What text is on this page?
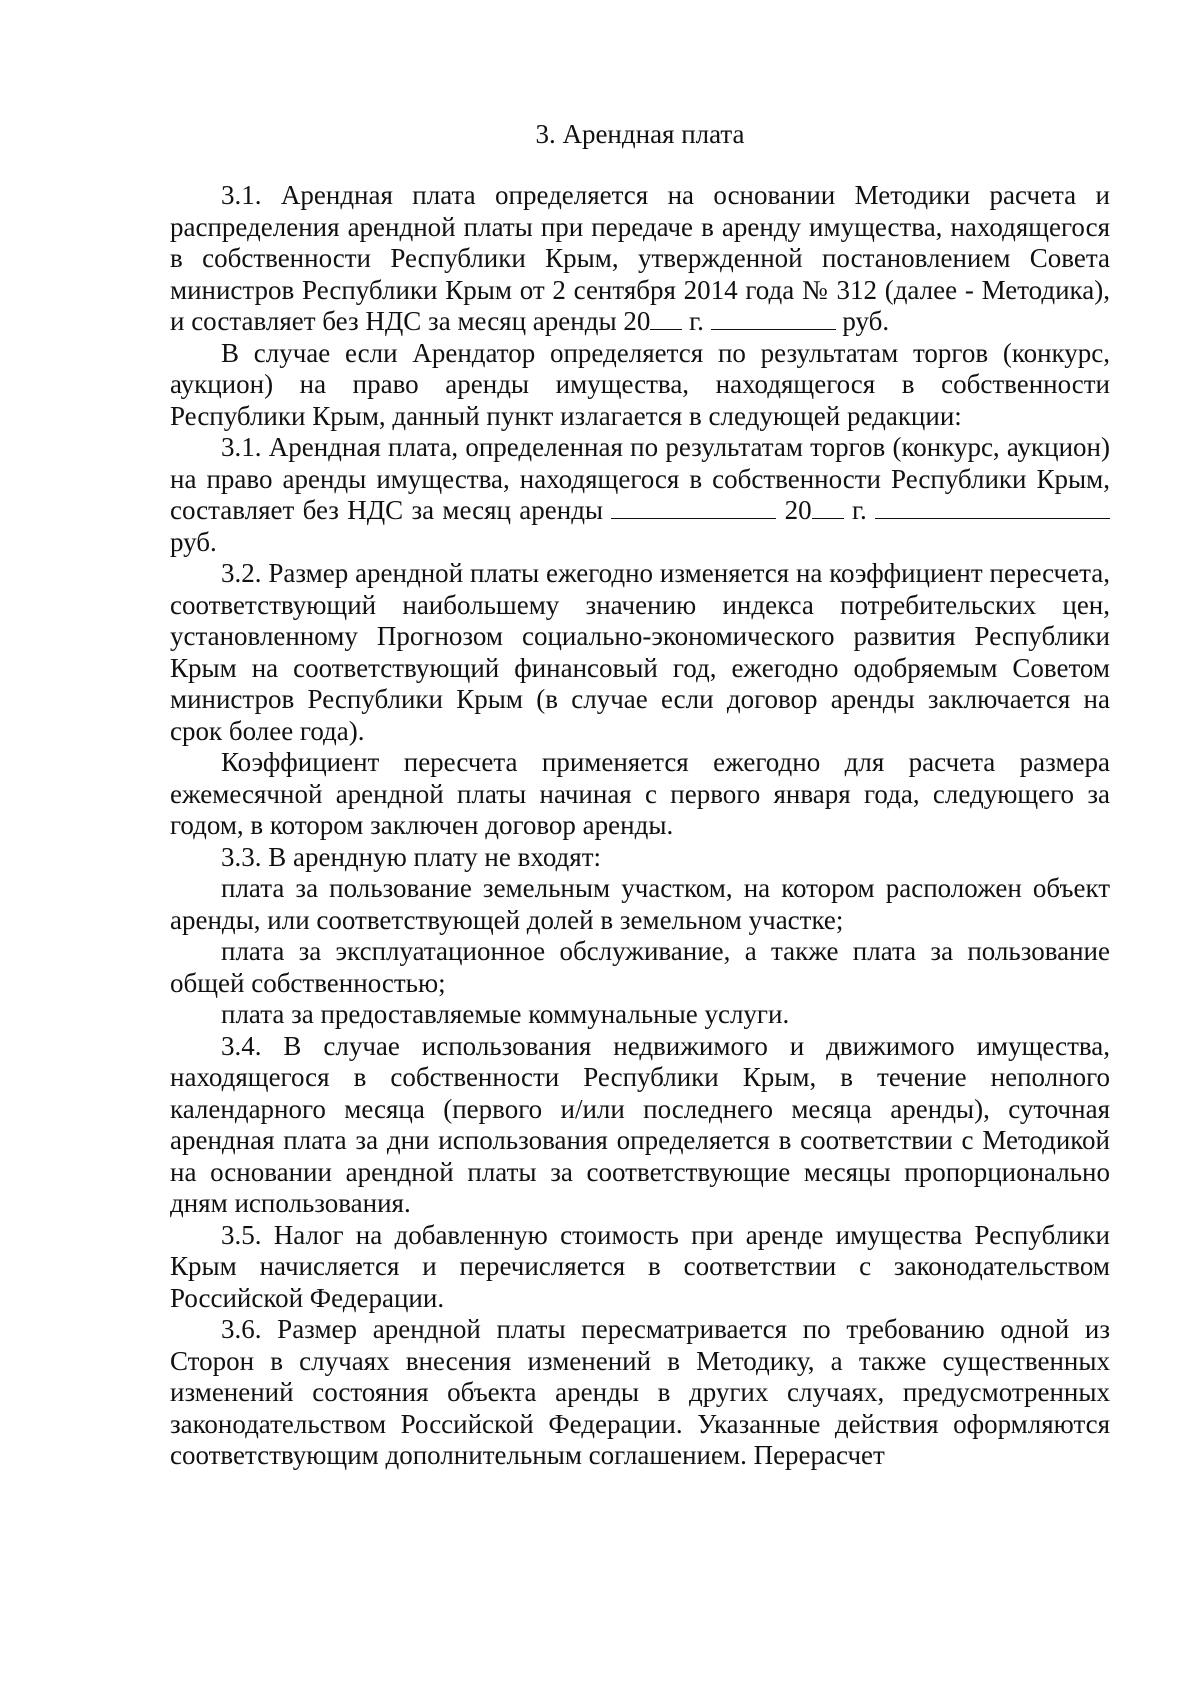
3. Арендная плата

3.1. Арендная плата определяется на основании Методики расчета и распределения арендной платы при передаче в аренду имущества, находящегося в собственности Республики Крым, утвержденной постановлением Совета министров Республики Крым от 2 сентября 2014 года № 312 (далее - Методика), и составляет без НДС за месяц аренды 20 г.	руб.

В случае если Арендатор определяется по результатам торгов (конкурс, аукцион) на право аренды имущества, находящегося в собственности Республики Крым, данный пункт излагается в следующей редакции:

3.1. Арендная плата, определенная по результатам торгов (конкурс, аукцион) на право аренды имущества, находящегося в собственности Республики Крым, составляет без НДС за месяц аренды	20 г.  руб.

3.2. Размер арендной платы ежегодно изменяется на коэффициент пересчета, соответствующий наибольшему значению индекса потребительских цен, установленному Прогнозом социально-экономического развития Республики Крым на соответствующий финансовый год, ежегодно одобряемым Советом министров Республики Крым (в случае если договор аренды заключается на срок более года).

Коэффициент пересчета применяется ежегодно для расчета размера ежемесячной арендной платы начиная с первого января года, следующего за годом, в котором заключен договор аренды.

3.3. В арендную плату не входят:

плата за пользование земельным участком, на котором расположен объект аренды, или соответствующей долей в земельном участке;

плата за эксплуатационное обслуживание, а также плата за пользование общей собственностью;

плата за предоставляемые коммунальные услуги.

3.4. В случае использования недвижимого и движимого имущества, находящегося в собственности Республики Крым, в течение неполного календарного месяца (первого и/или последнего месяца аренды), суточная арендная плата за дни использования определяется в соответствии с Методикой на основании арендной платы за соответствующие месяцы пропорционально дням использования.

3.5. Налог на добавленную стоимость при аренде имущества Республики Крым начисляется и перечисляется в соответствии с законодательством Российской Федерации.

3.6. Размер арендной платы пересматривается по требованию одной из Сторон в случаях внесения изменений в Методику, а также существенных изменений состояния объекта аренды в других случаях, предусмотренных законодательством Российской Федерации. Указанные действия оформляются соответствующим дополнительным соглашением. Перерасчет
